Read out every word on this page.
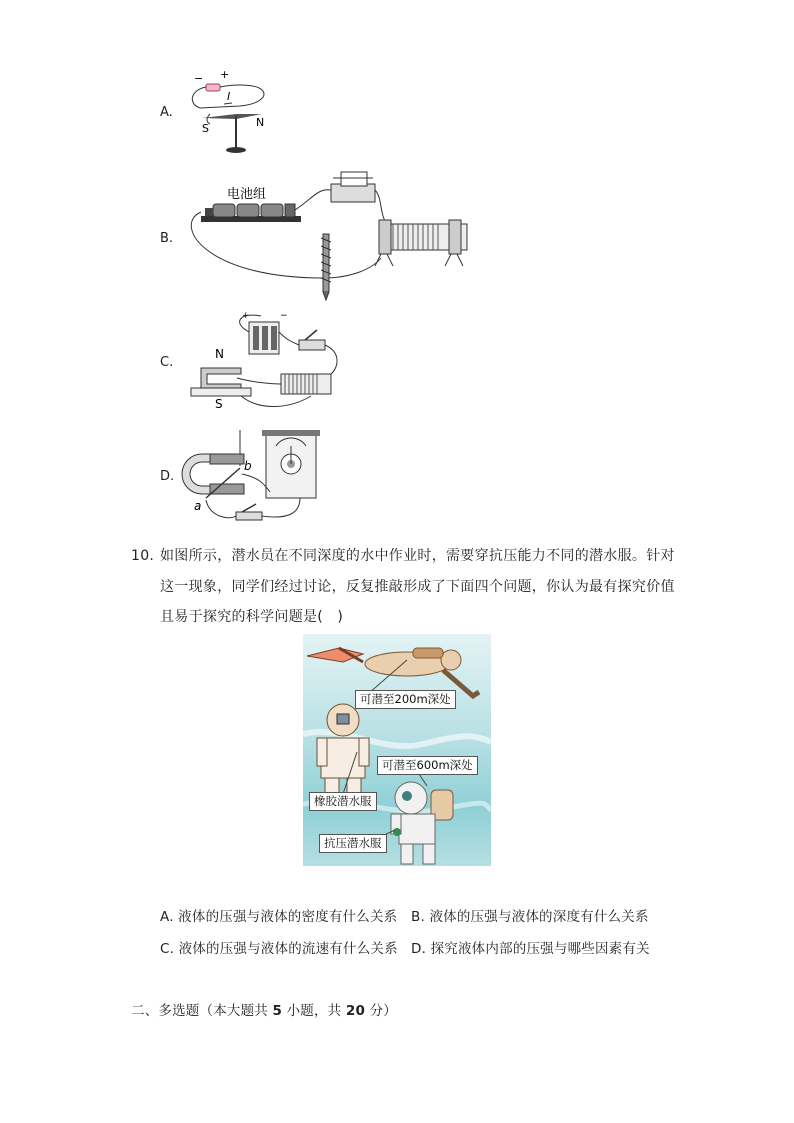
A.
B.
C.
D.
− +
I
S	N
电池组
+	−
N
S
b
a
10. 如图所示，潜水员在不同深度的水中作业时，需要穿抗压能力不同的潜水服。针对
这一现象，同学们经过讨论，反复推敲形成了下面四个问题，你认为最有探究价值
且易于探究的科学问题是(　)
可潜至200m深处
可潜至600m深处
橡胶潜水服
抗压潜水服
A. 液体的压强与液体的密度有什么关系 B. 液体的压强与液体的深度有什么关系
C. 液体的压强与液体的流速有什么关系 D. 探究液体内部的压强与哪些因素有关
二、多选题（本大题共 5 小题，共 20 分）
